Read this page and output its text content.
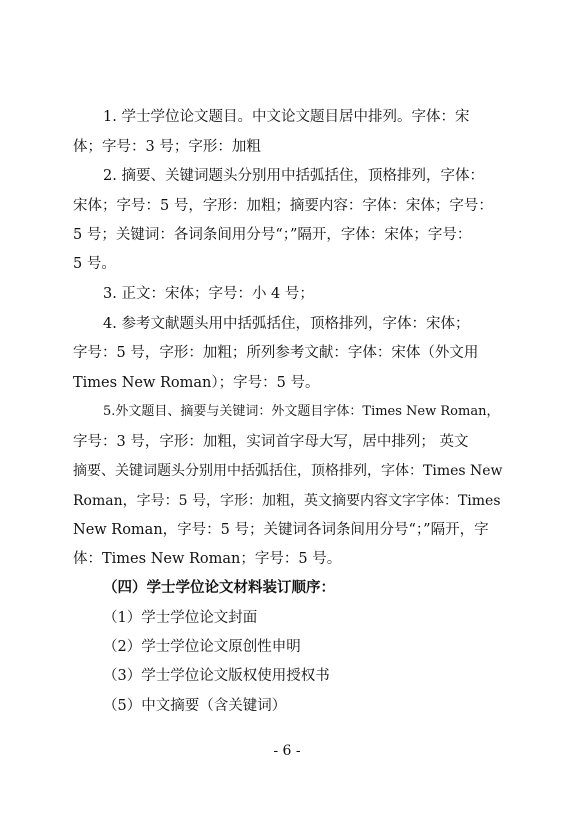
1. 学士学位论文题目。中文论文题目居中排列。字体：宋
体；字号：3 号；字形：加粗
2. 摘要、关键词题头分别用中括弧括住，顶格排列，字体：
宋体；字号：5 号，字形：加粗；摘要内容：字体：宋体；字号：
5 号；关键词：各词条间用分号“；”隔开，字体：宋体；字号：
5 号。
3. 正文：宋体；字号：小 4 号；
4. 参考文献题头用中括弧括住，顶格排列，字体：宋体；
字号：5 号，字形：加粗；所列参考文献：字体：宋体（外文用
Times New Roman）；字号：5 号。
5.外文题目、摘要与关键词：外文题目字体：Times New Roman，
字号：3 号，字形：加粗，实词首字母大写，居中排列； 英文
摘要、关键词题头分别用中括弧括住，顶格排列，字体：Times New
Roman，字号：5 号，字形：加粗，英文摘要内容文字字体：Times
New Roman，字号：5 号；关键词各词条间用分号“；”隔开，字
体：Times New Roman；字号：5 号。
（四）学士学位论文材料装订顺序：
（1）学士学位论文封面
（2）学士学位论文原创性申明
（3）学士学位论文版权使用授权书
（5）中文摘要（含关键词）
- 6 -
